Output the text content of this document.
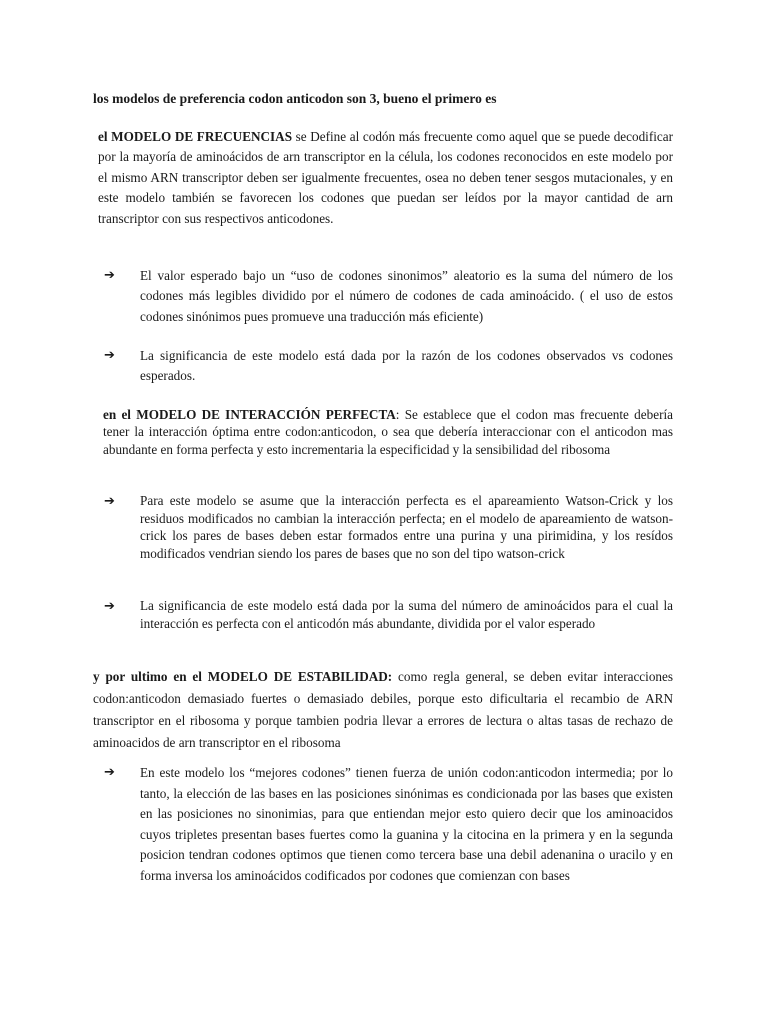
los modelos de preferencia codon anticodon son 3, bueno el primero es
el MODELO DE FRECUENCIAS se Define al codón más frecuente como aquel que se puede decodificar por la mayoría de aminoácidos de arn transcriptor en la célula, los codones reconocidos en este modelo por el mismo ARN transcriptor deben ser igualmente frecuentes, osea no deben tener sesgos mutacionales, y en este modelo también se favorecen los codones que puedan ser leídos por la mayor cantidad de arn transcriptor con sus respectivos anticodones.
➔ El valor esperado bajo un “uso de codones sinonimos” aleatorio es la suma del número de los codones más legibles dividido por el número de codones de cada aminoácido. ( el uso de estos codones sinónimos pues promueve una traducción más eficiente)
➔ La significancia de este modelo está dada por la razón de los codones observados vs codones esperados.
en el MODELO DE INTERACCIÓN PERFECTA: Se establece que el codon mas frecuente debería tener la interacción óptima entre codon:anticodon, o sea que debería interaccionar con el anticodon mas abundante en forma perfecta y esto incrementaria la especificidad y la sensibilidad del ribosoma
➔ Para este modelo se asume que la interacción perfecta es el apareamiento Watson-Crick y los residuos modificados no cambian la interacción perfecta; en el modelo de apareamiento de watson- crick los pares de bases deben estar formados entre una purina y una pirimidina, y los resídos modificados vendrian siendo los pares de bases que no son del tipo watson-crick
➔ La significancia de este modelo está dada por la suma del número de aminoácidos para el cual la interacción es perfecta con el anticodón más abundante, dividida por el valor esperado
y por ultimo en el MODELO DE ESTABILIDAD: como regla general, se deben evitar interacciones codon:anticodon demasiado fuertes o demasiado debiles, porque esto dificultaria el recambio de ARN transcriptor en el ribosoma y porque tambien podria llevar a errores de lectura o altas tasas de rechazo de aminoacidos de arn transcriptor en el ribosoma
➔ En este modelo los “mejores codones” tienen fuerza de unión codon:anticodon intermedia; por lo tanto, la elección de las bases en las posiciones sinónimas es condicionada por las bases que existen en las posiciones no sinonimias, para que entiendan mejor esto quiero decir que los aminoacidos cuyos tripletes presentan bases fuertes como la guanina y la citocina en la primera y en la segunda posicion tendran codones optimos que tienen como tercera base una debil adenanina o uracilo y en forma inversa los aminoácidos codificados por codones que comienzan con bases
